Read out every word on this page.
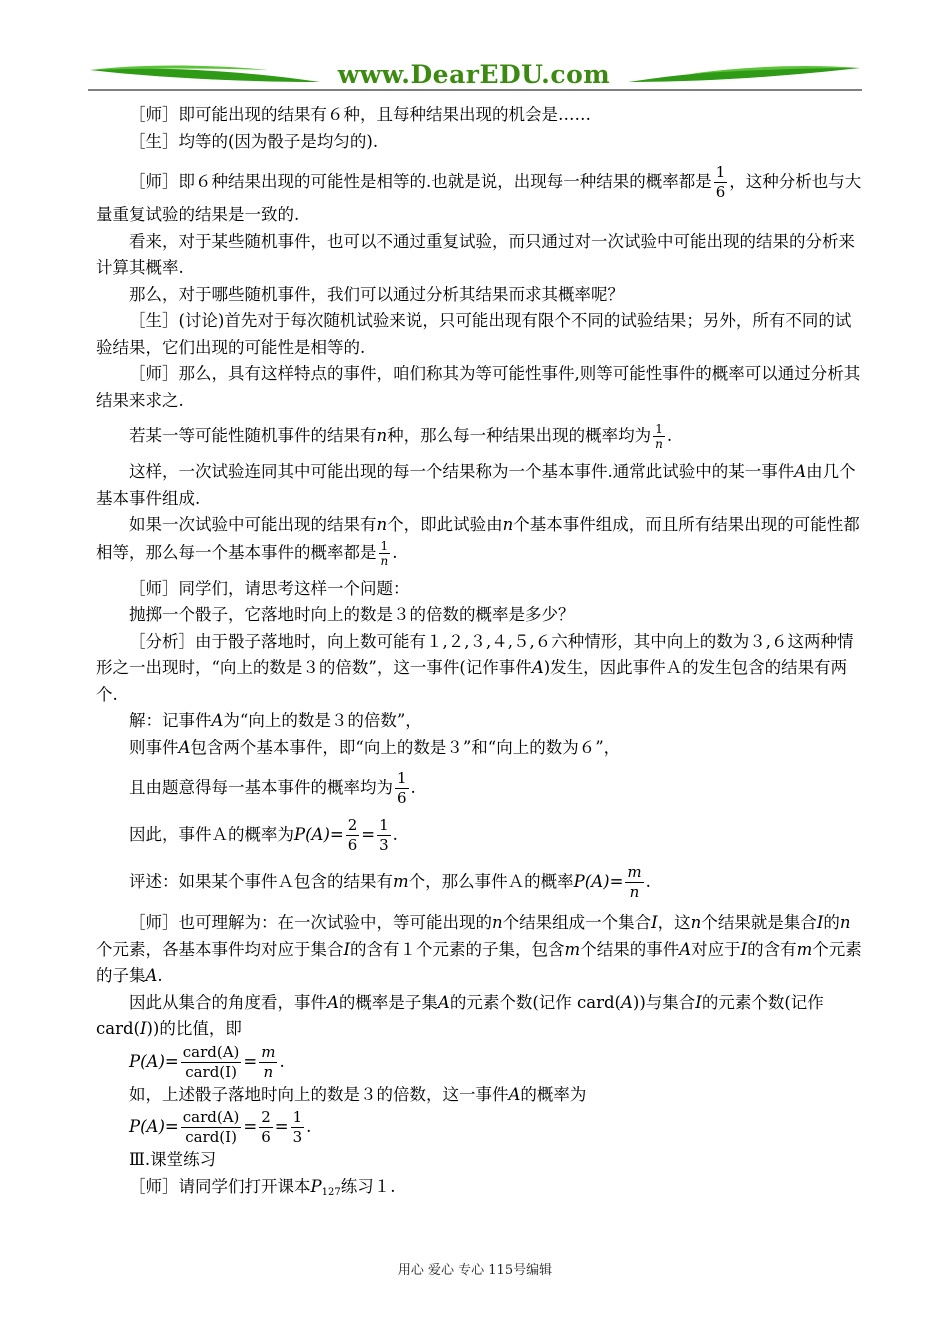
www.DearEDU.com

［师］即可能出现的结果有６种，且每种结果出现的机会是……

［生］均等的(因为骰子是均匀的).

［师］即６种结果出现的可能性是相等的.也就是说，出现每一种结果的概率都是 $\frac{1}{6}$ ，这种分析也与大量重复试验的结果是一致的.

看来，对于某些随机事件，也可以不通过重复试验，而只通过对一次试验中可能出现的结果的分析来计算其概率.

那么，对于哪些随机事件，我们可以通过分析其结果而求其概率呢？

［生］(讨论)首先对于每次随机试验来说，只可能出现有限个不同的试验结果；另外，所有不同的试验结果，它们出现的可能性是相等的.

［师］那么，具有这样特点的事件，咱们称其为等可能性事件,则等可能性事件的概率可以通过分析其结果来求之.

若某一等可能性随机事件的结果有n种，那么每一种结果出现的概率均为 $\frac{1}{n}$ .

这样，一次试验连同其中可能出现的每一个结果称为一个基本事件.通常此试验中的某一事件A由几个基本事件组成.

如果一次试验中可能出现的结果有n个，即此试验由n个基本事件组成，而且所有结果出现的可能性都相等，那么每一个基本事件的概率都是 $\frac{1}{n}$ .

［师］同学们，请思考这样一个问题：

抛掷一个骰子，它落地时向上的数是３的倍数的概率是多少？

［分析］由于骰子落地时，向上数可能有１,２,３,４,５,６六种情形，其中向上的数为３,６这两种情形之一出现时，“向上的数是３的倍数”，这一事件(记作事件A)发生，因此事件Ａ的发生包含的结果有两个.

解：记事件A为“向上的数是３的倍数”，

则事件A包含两个基本事件，即“向上的数是３”和“向上的数为６”，

且由题意得每一基本事件的概率均为 $\frac{1}{6}$ .

因此，事件Ａ的概率为$P(A)= \frac{2}{6} = \frac{1}{3}$ .

评述：如果某个事件Ａ包含的结果有m个，那么事件Ａ的概率$P(A)= \frac{m}{n}$ .

［师］也可理解为：在一次试验中，等可能出现的n个结果组成一个集合I，这n个结果就是集合I的n个元素，各基本事件均对应于集合I的含有１个元素的子集，包含m个结果的事件A对应于I的含有m个元素的子集A.

因此从集合的角度看，事件A的概率是子集A的元素个数(记作 card(A))与集合I的元素个数(记作 card(I))的比值，即

$P(A)= \frac{\text{card(A)}}{\text{card(I)}} = \frac{m}{n}$ .

如，上述骰子落地时向上的数是３的倍数，这一事件A的概率为

$P(A)= \frac{\text{card(A)}}{\text{card(I)}} = \frac{2}{6} = \frac{1}{3}$ .

Ⅲ.课堂练习

［师］请同学们打开课本$P_{127}$练习１.

用心 爱心 专心 115号编辑
